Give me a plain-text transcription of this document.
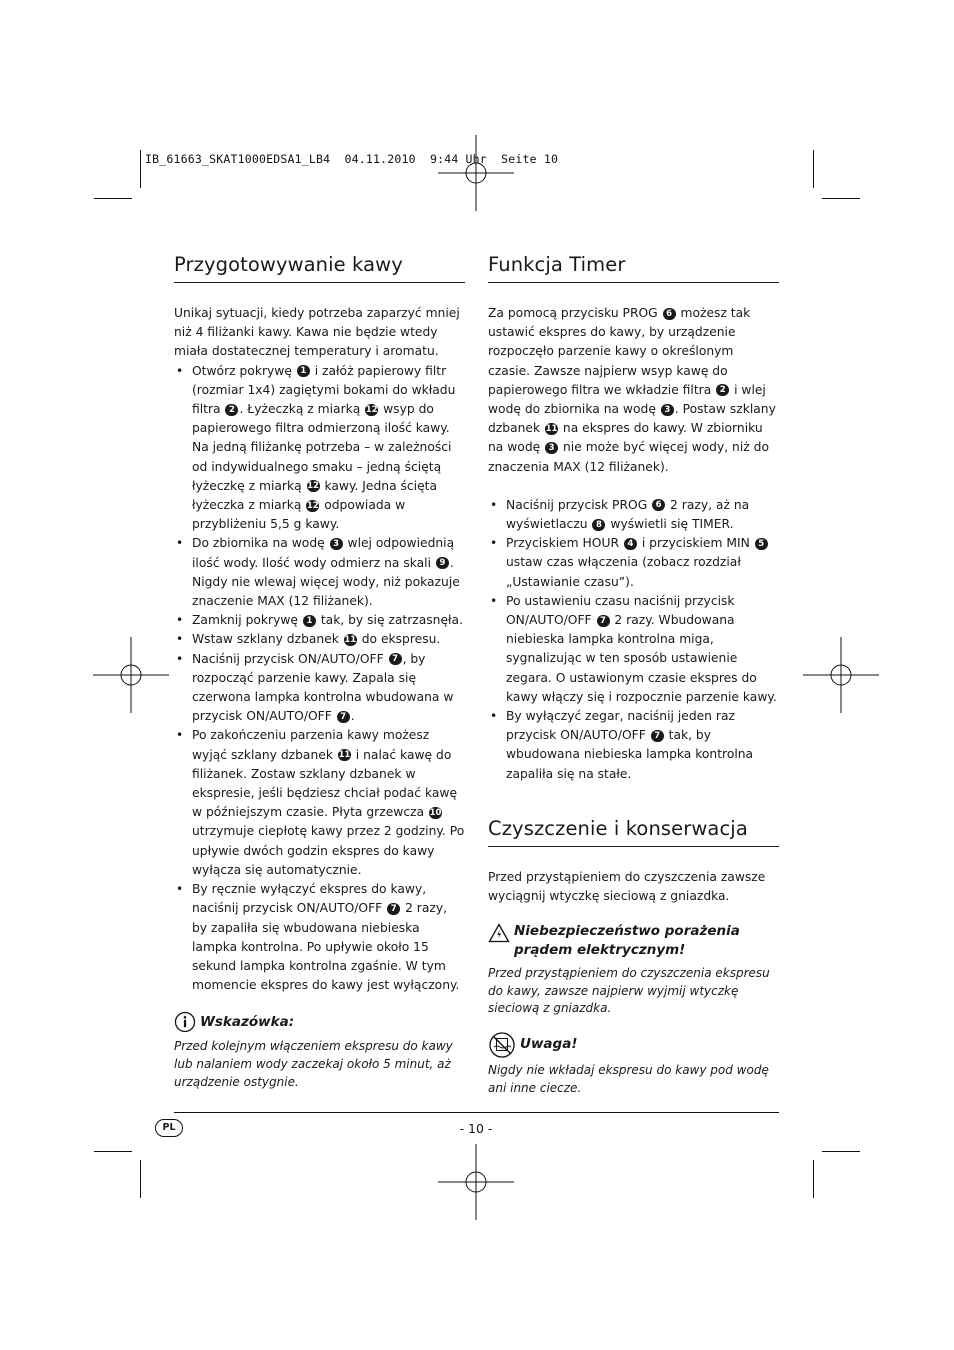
IB_61663_SKAT1000EDSA1_LB4  04.11.2010  9:44 Uhr  Seite 10
Przygotowywanie kawy

Unikaj sytuacji, kiedy potrzeba zaparzyć mniej niż 4 filiżanki kawy. Kawa nie będzie wtedy miała dostatecznej temperatury i aromatu.

• Otwórz pokrywę 1 i załóż papierowy filtr (rozmiar 1x4) zagiętymi bokami do wkładu filtra 2 . Łyżeczką z miarką 12 wsyp do papierowego filtra odmierzoną ilość kawy. Na jedną filiżankę potrzeba – w zależności od indywidualnego smaku – jedną ściętą łyżeczkę z miarką 12 kawy. Jedna ścięta łyżeczka z miarką 12 odpowiada w przybliżeniu 5,5 g kawy.
• Do zbiornika na wodę 3 wlej odpowiednią ilość wody. Ilość wody odmierz na skali 9 . Nigdy nie wlewaj więcej wody, niż pokazuje znaczenie MAX (12 filiżanek).
• Zamknij pokrywę 1 tak, by się zatrzasnęła.
• Wstaw szklany dzbanek 11 do ekspresu.
• Naciśnij przycisk ON/AUTO/OFF 7 , by rozpocząć parzenie kawy. Zapala się czerwona lampka kontrolna wbudowana w przycisk ON/AUTO/OFF 7 .
• Po zakończeniu parzenia kawy możesz wyjąć szklany dzbanek 11 i nalać kawę do filiżanek. Zostaw szklany dzbanek w ekspresie, jeśli będziesz chciał podać kawę w późniejszym czasie. Płyta grzewcza 10 utrzymuje ciepłotę kawy przez 2 godziny. Po upływie dwóch godzin ekspres do kawy wyłącza się automatycznie.
• By ręcznie wyłączyć ekspres do kawy, naciśnij przycisk ON/AUTO/OFF 7 2 razy, by zapaliła się wbudowana niebieska lampka kontrolna. Po upływie około 15 sekund lampka kontrolna zgaśnie. W tym momencie ekspres do kawy jest wyłączony.
Wskazówka:

Przed kolejnym włączeniem ekspresu do kawy lub nalaniem wody zaczekaj około 5 minut, aż urządzenie ostygnie.

Funkcja Timer

Za pomocą przycisku PROG 6 możesz tak ustawić ekspres do kawy, by urządzenie rozpoczęło parzenie kawy o określonym czasie. Zawsze najpierw wsyp kawę do papierowego filtra we wkładzie filtra 2 i wlej wodę do zbiornika na wodę 3 . Postaw szklany dzbanek 11 na ekspres do kawy. W zbiorniku na wodę 3 nie może być więcej wody, niż do znaczenia MAX (12 filiżanek).

• Naciśnij przycisk PROG 6 2 razy, aż na wyświetlaczu 8 wyświetli się TIMER.
• Przyciskiem HOUR 4 i przyciskiem MIN 5 ustaw czas włączenia (zobacz rozdział „Ustawianie czasu”).
• Po ustawieniu czasu naciśnij przycisk ON/AUTO/OFF 7 2 razy. Wbudowana niebieska lampka kontrolna miga, sygnalizując w ten sposób ustawienie zegara. O ustawionym czasie ekspres do kawy włączy się i rozpocznie parzenie kawy.
• By wyłączyć zegar, naciśnij jeden raz przycisk ON/AUTO/OFF 7 tak, by wbudowana niebieska lampka kontrolna zapaliła się na stałe.
Czyszczenie i konserwacja

Przed przystąpieniem do czyszczenia zawsze wyciągnij wtyczkę sieciową z gniazdka.

Niebezpieczeństwo porażenia prądem elektrycznym!

Przed przystąpieniem do czyszczenia ekspresu do kawy, zawsze najpierw wyjmij wtyczkę sieciową z gniazdka.

Uwaga!

Nigdy nie wkładaj ekspresu do kawy pod wodę ani inne ciecze.

PL	- 10 -
